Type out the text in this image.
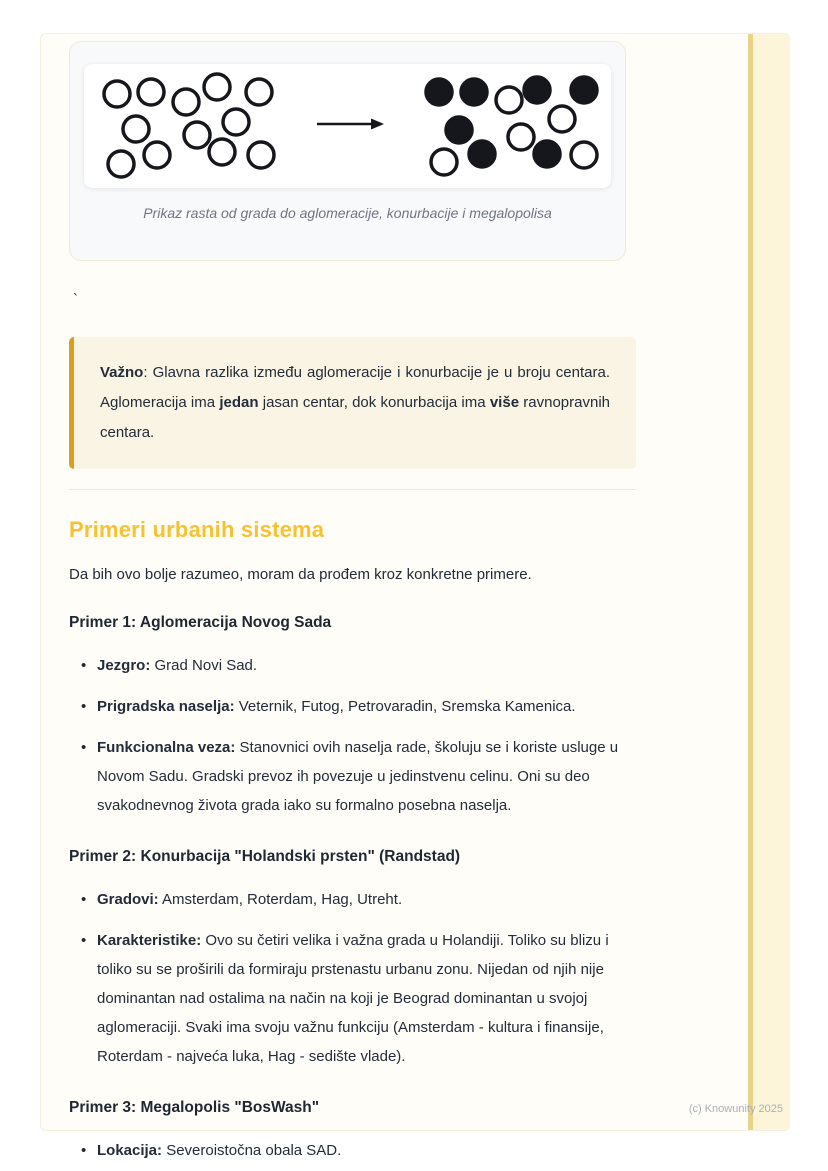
Prikaz rasta od grada do aglomeracije, konurbacije i megalopolisa
`

Važno: Glavna razlika između aglomeracije i konurbacije je u broju centara. Aglomeracija ima jedan jasan centar, dok konurbacija ima više ravnopravnih centara.

Primeri urbanih sistema

Da bih ovo bolje razumeo, moram da prođem kroz konkretne primere.

Primer 1: Aglomeracija Novog Sada
• Jezgro: Grad Novi Sad.
• Prigradska naselja: Veternik, Futog, Petrovaradin, Sremska Kamenica.
• Funkcionalna veza: Stanovnici ovih naselja rade, školuju se i koriste usluge u Novom Sadu. Gradski prevoz ih povezuje u jedinstvenu celinu. Oni su deo svakodnevnog života grada iako su formalno posebna naselja.
Primer 2: Konurbacija "Holandski prsten" (Randstad)
• Gradovi: Amsterdam, Roterdam, Hag, Utreht.
• Karakteristike: Ovo su četiri velika i važna grada u Holandiji. Toliko su blizu i toliko su se proširili da formiraju prstenastu urbanu zonu. Nijedan od njih nije dominantan nad ostalima na način na koji je Beograd dominantan u svojoj aglomeraciji. Svaki ima svoju važnu funkciju (Amsterdam - kultura i finansije, Roterdam - najveća luka, Hag - sedište vlade).
Primer 3: Megalopolis "BosWash"
• Lokacija: Severoistočna obala SAD.
(c) Knowunity 2025
